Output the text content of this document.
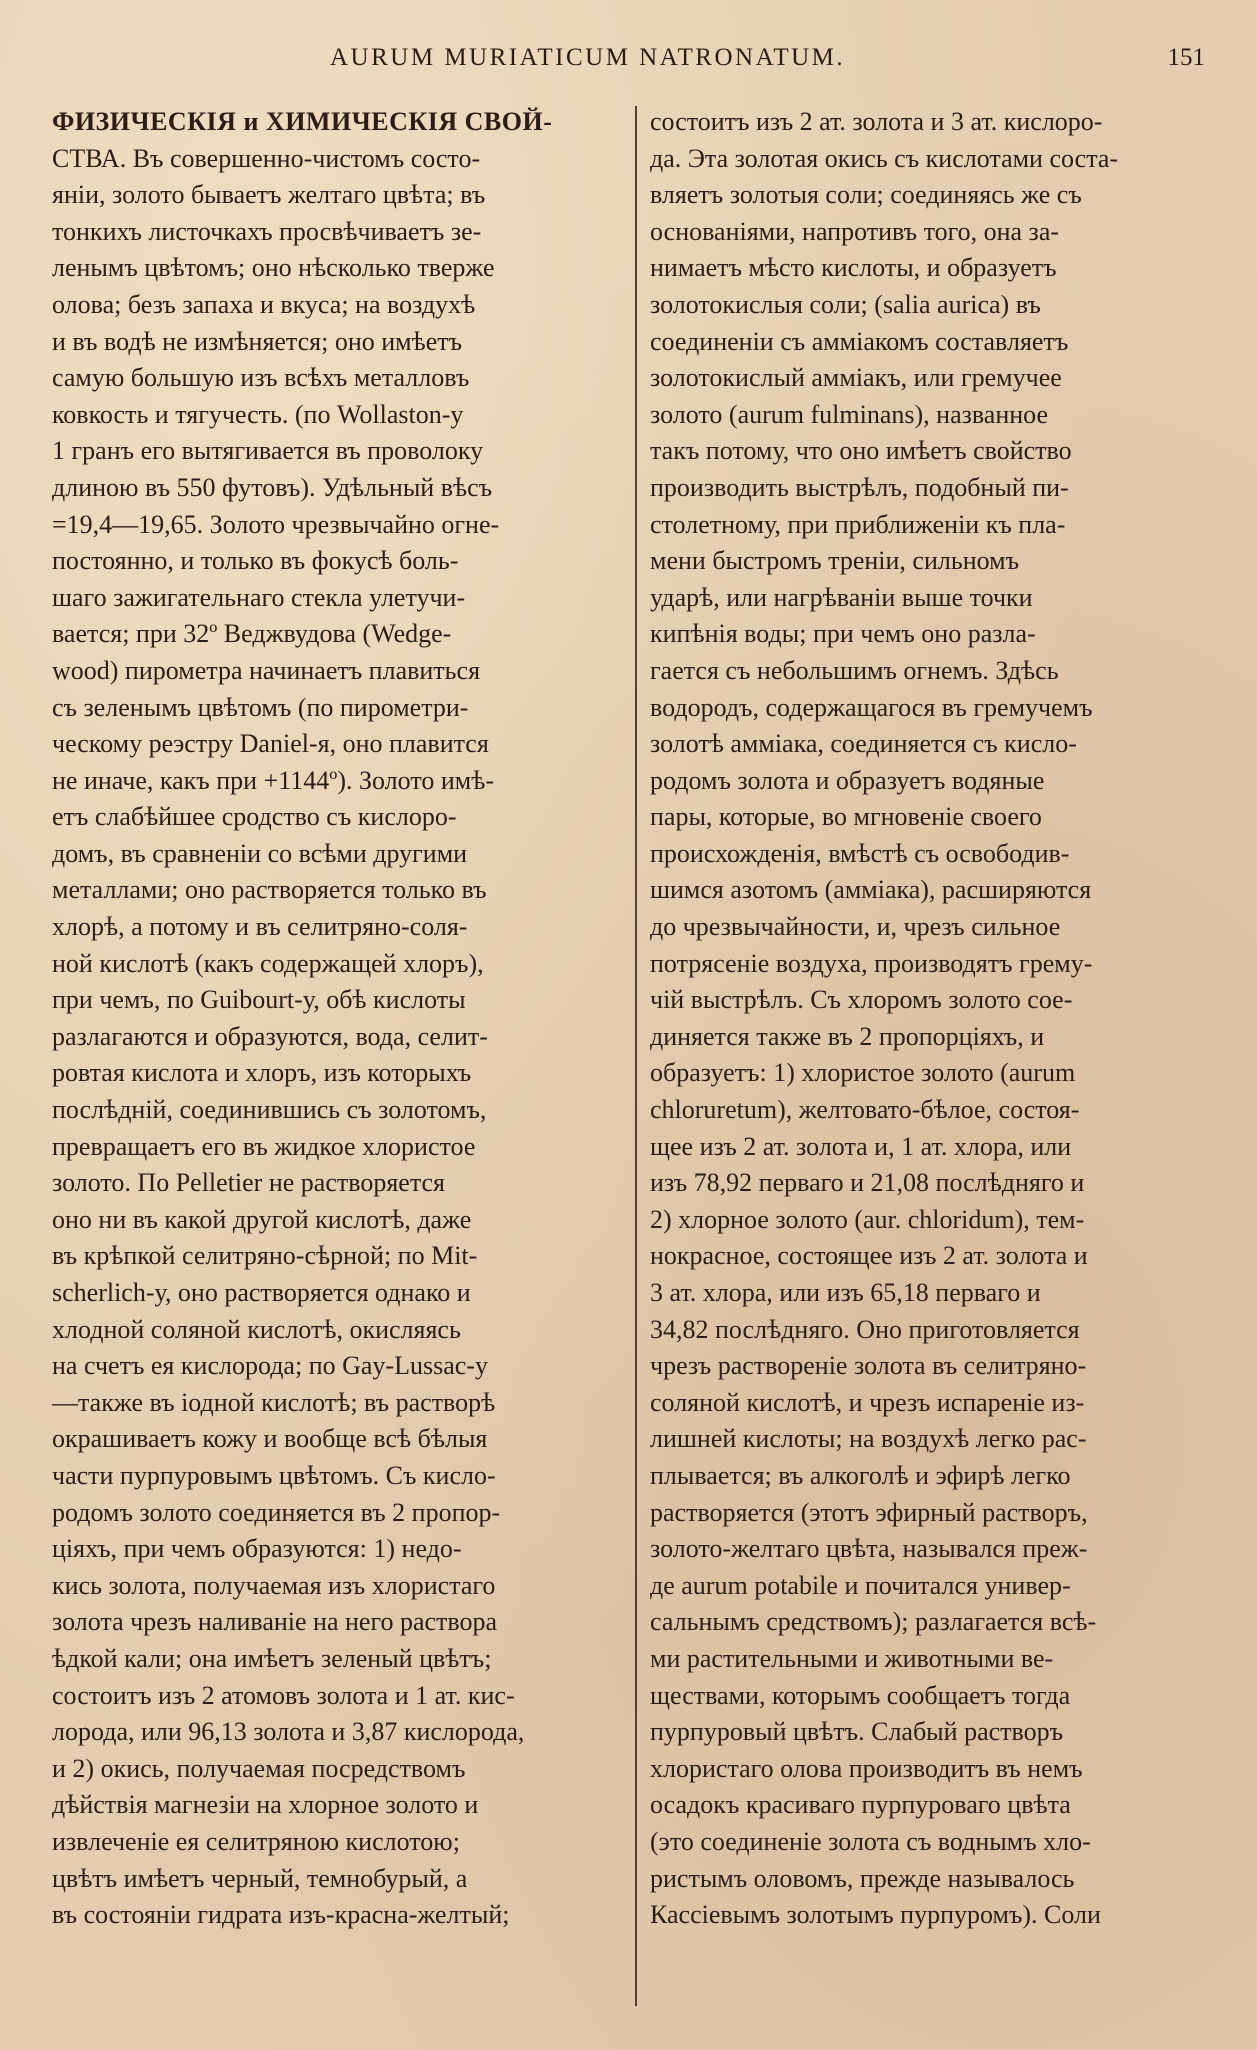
AURUM MURIATICUM NATRONATUM.	151
ФИЗИЧЕСКІЯ и ХИМИЧЕСКІЯ СВОЙ-
СТВА. Въ совершенно-чистомъ состо-
яніи, золото бываетъ желтаго цвѣта; въ
тонкихъ листочкахъ просвѣчиваетъ зе-
ленымъ цвѣтомъ; оно нѣсколько тверже
олова; безъ запаха и вкуса; на воздухѣ
и въ водѣ не измѣняется; оно имѣетъ
самую большую изъ всѣхъ металловъ
ковкость и тягучесть. (по Wollaston-у
1 гранъ его вытягивается въ проволоку
длиною въ 550 футовъ). Удѣльный вѣсъ
=19,4—19,65. Золото чрезвычайно огне-
постоянно, и только въ фокусѣ боль-
шаго зажигательнаго стекла улетучи-
вается; при 32º Веджвудова (Wedge-
wood) пирометра начинаетъ плавиться
съ зеленымъ цвѣтомъ (по пирометри-
ческому реэстру Daniel-я, оно плавится
не иначе, какъ при +1144º). Золото имѣ-
етъ слабѣйшее сродство съ кислоро-
домъ, въ сравненіи со всѣми другими
металлами; оно растворяется только въ
хлорѣ, а потому и въ селитряно-соля-
ной кислотѣ (какъ содержащей хлоръ),
при чемъ, по Guibourt-у, обѣ кислоты
разлагаются и образуются, вода, селит-
ровтая кислота и хлоръ, изъ которыхъ
послѣдній, соединившись съ золотомъ,
превращаетъ его въ жидкое хлористое
золото. По Pelletier не растворяется
оно ни въ какой другой кислотѣ, даже
въ крѣпкой селитряно-сѣрной; по Mit-
scherlich-у, оно растворяется однако и
хлодной соляной кислотѣ, окисляясь
на счетъ ея кислорода; по Gay-Lussac-у
—также въ іодной кислотѣ; въ растворѣ
окрашиваетъ кожу и вообще всѣ бѣлыя
части пурпуровымъ цвѣтомъ. Съ кисло-
родомъ золото соединяется въ 2 пропор-
ціяхъ, при чемъ образуются: 1) недо-
кись золота, получаемая изъ хлористаго
золота чрезъ наливаніе на него раствора
ѣдкой кали; она имѣетъ зеленый цвѣтъ;
состоитъ изъ 2 атомовъ золота и 1 ат. кис-
лорода, или 96,13 золота и 3,87 кислорода,
и 2) окись, получаемая посредствомъ
дѣйствія магнезіи на хлорное золото и
извлеченіе ея селитряною кислотою;
цвѣтъ имѣетъ черный, темнобурый, а
въ состояніи гидрата изъ-красна-желтый;
состоитъ изъ 2 ат. золота и 3 ат. кислоро-
да. Эта золотая окись съ кислотами соста-
вляетъ золотыя соли; соединяясь же съ
основаніями, напротивъ того, она за-
нимаетъ мѣсто кислоты, и образуетъ
золотокислыя соли; (salia aurica) въ
соединеніи съ аммiакомъ составляетъ
золотокислый аммiакъ, или гремучее
золото (aurum fulminans), названное
такъ потому, что оно имѣетъ свойство
производить выстрѣлъ, подобный пи-
столетному, при приближеніи къ пла-
мени быстромъ треніи, сильномъ
ударѣ, или нагрѣваніи выше точки
кипѣнія воды; при чемъ оно разла-
гается съ небольшимъ огнемъ. Здѣсь
водородъ, содержащагося въ гремучемъ
золотѣ аммiака, соединяется съ кисло-
родомъ золота и образуетъ водяные
пары, которые, во мгновеніе своего
происхожденія, вмѣстѣ съ освободив-
шимся азотомъ (аммiака), расширяются
до чрезвычайности, и, чрезъ сильное
потрясеніе воздуха, производятъ грему-
чій выстрѣлъ. Съ хлоромъ золото сое-
диняется также въ 2 пропорціяхъ, и
образуетъ: 1) хлористое золото (aurum
chloruretum), желтовато-бѣлое, состоя-
щее изъ 2 ат. золота и, 1 ат. хлора, или
изъ 78,92 перваго и 21,08 послѣдняго и
2) хлорное золото (aur. chloridum), тем-
нокрасное, состоящее изъ 2 ат. золота и
3 ат. хлора, или изъ 65,18 перваго и
34,82 послѣдняго. Оно приготовляется
чрезъ раствореніе золота въ селитряно-
соляной кислотѣ, и чрезъ испареніе из-
лишней кислоты; на воздухѣ легко рас-
плывается; въ алкоголѣ и эфирѣ легко
растворяется (этотъ эфирный растворъ,
золото-желтаго цвѣта, назывался преж-
де aurum potabile и почитался универ-
сальнымъ средствомъ); разлагается всѣ-
ми растительными и животными ве-
ществами, которымъ сообщаетъ тогда
пурпуровый цвѣтъ. Слабый растворъ
хлористаго олова производитъ въ немъ
осадокъ красиваго пурпуроваго цвѣта
(это соединеніе золота съ воднымъ хло-
ристымъ оловомъ, прежде называлось
Кассіевымъ золотымъ пурпуромъ). Соли
